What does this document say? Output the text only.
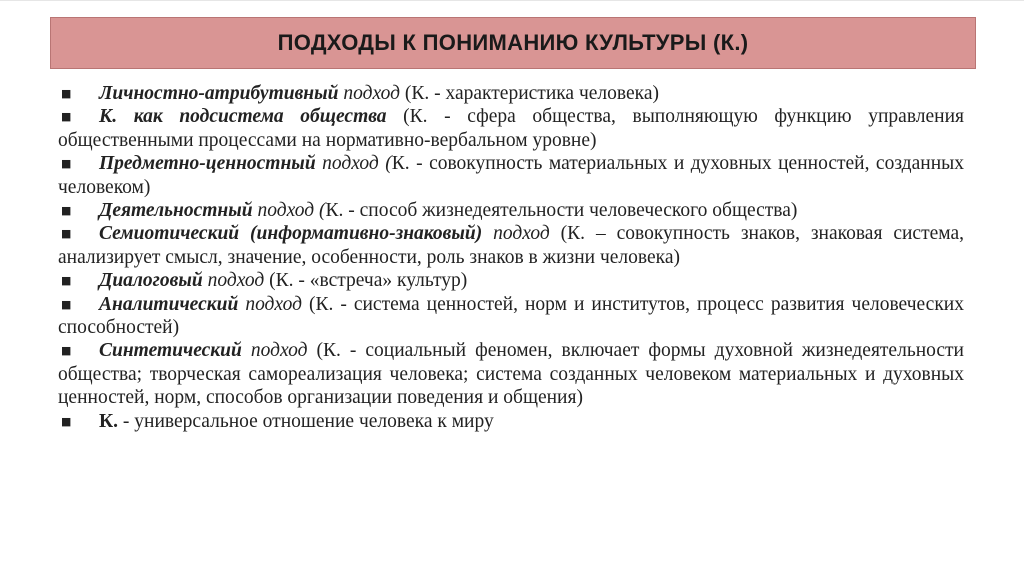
ПОДХОДЫ К ПОНИМАНИЮ КУЛЬТУРЫ (К.)
■ Личностно-атрибутивный подход (К. - характеристика человека)
■ К. как подсистема общества (К. - сфера общества, выполняющую функцию управления общественными процессами на нормативно-вербальном уровне)
■ Предметно-ценностный подход (К. - совокупность материальных и духовных ценностей, созданных человеком)
■ Деятельностный подход (К. - способ жизнедеятельности человеческого общества)
■ Семиотический (информативно-знаковый) подход (К. – совокупность знаков, знаковая система, анализирует смысл, значение, особенности, роль знаков в жизни человека)
■ Диалоговый подход (К. - «встреча» культур)
■ Аналитический подход (К. - система ценностей, норм и институтов, процесс развития человеческих способностей)
■ Синтетический подход (К. - социальный феномен, включает формы духовной жизнедеятельности общества; творческая самореализация человека; система созданных человеком материальных и духовных ценностей, норм, способов организации поведения и общения)
■ К. - универсальное отношение человека к миру
